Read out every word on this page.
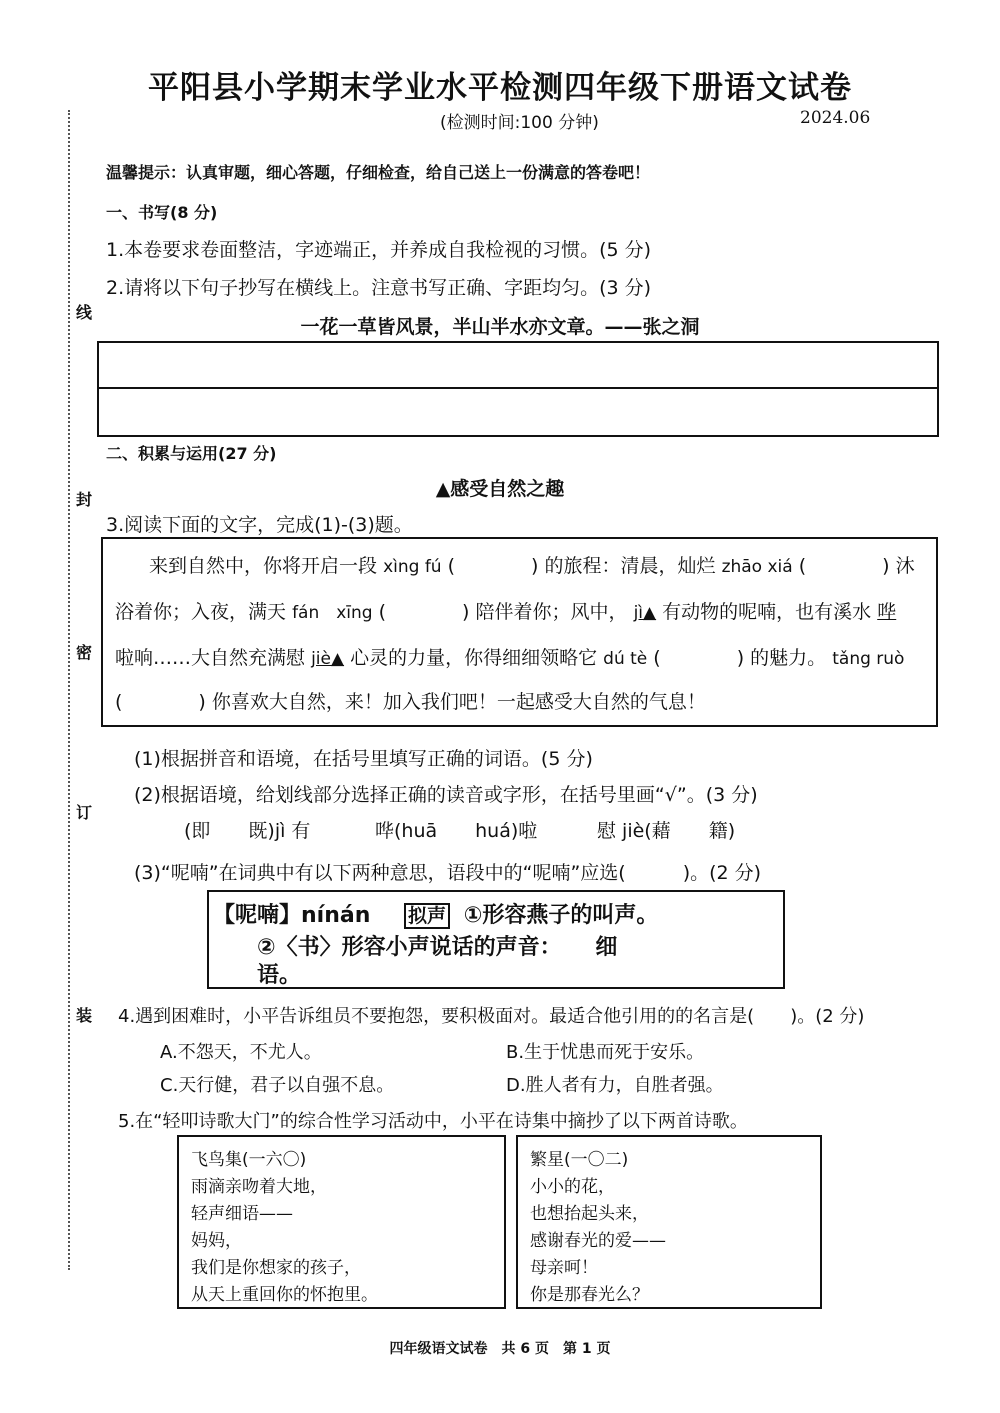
线
封
密
订
装
平阳县小学期末学业水平检测四年级下册语文试卷
(检测时间:100 分钟)	2024.06
温馨提示：认真审题，细心答题，仔细检查，给自己送上一份满意的答卷吧！
一、书写(8 分)
1.本卷要求卷面整洁，字迹端正，并养成自我检视的习惯。(5 分)
2.请将以下句子抄写在横线上。注意书写正确、字距均匀。(3 分)
一花一草皆风景，半山半水亦文章。——张之洞
二、积累与运用(27 分)
▲感受自然之趣
3.阅读下面的文字，完成(1)-(3)题。
来到自然中，你将开启一段 xìng fú (　　　　) 的旅程：清晨，灿烂 zhāo xiá (　　　　) 沐
浴着你；入夜，满天 fán　xīng (　　　　) 陪伴着你；风中， jì▲ 有动物的呢喃，也有溪水 哗
啦响……大自然充满慰 jiè▲ 心灵的力量，你得细细领略它 dú tè (　　　　) 的魅力。 tǎng ruò
(　　　　) 你喜欢大自然，来！加入我们吧！一起感受大自然的气息！
(1)根据拼音和语境，在括号里填写正确的词语。(5 分)
(2)根据语境，给划线部分选择正确的读音或字形，在括号里画“√”。(3 分)
(即　　既)jì 有	哗(huā　　huá)啦	慰 jiè(藉　　籍)
(3)“呢喃”在词典中有以下两种意思，语段中的“呢喃”应选(　　　)。(2 分)
【呢喃】nínán 拟声 ①形容燕子的叫声。
②〈书〉形容小声说话的声音： 细
语。
4.遇到困难时，小平告诉组员不要抱怨，要积极面对。最适合他引用的的名言是(　　)。(2 分)
A.不怨天，不尤人。	B.生于忧患而死于安乐。
C.天行健，君子以自强不息。	D.胜人者有力，自胜者强。
5.在“轻叩诗歌大门”的综合性学习活动中，小平在诗集中摘抄了以下两首诗歌。
飞鸟集(一六〇)
雨滴亲吻着大地，
轻声细语——
妈妈，
我们是你想家的孩子，
从天上重回你的怀抱里。
繁星(一〇二)
小小的花，
也想抬起头来，
感谢春光的爱——
母亲呵！
你是那春光么？
四年级语文试卷　共 6 页　第 1 页
